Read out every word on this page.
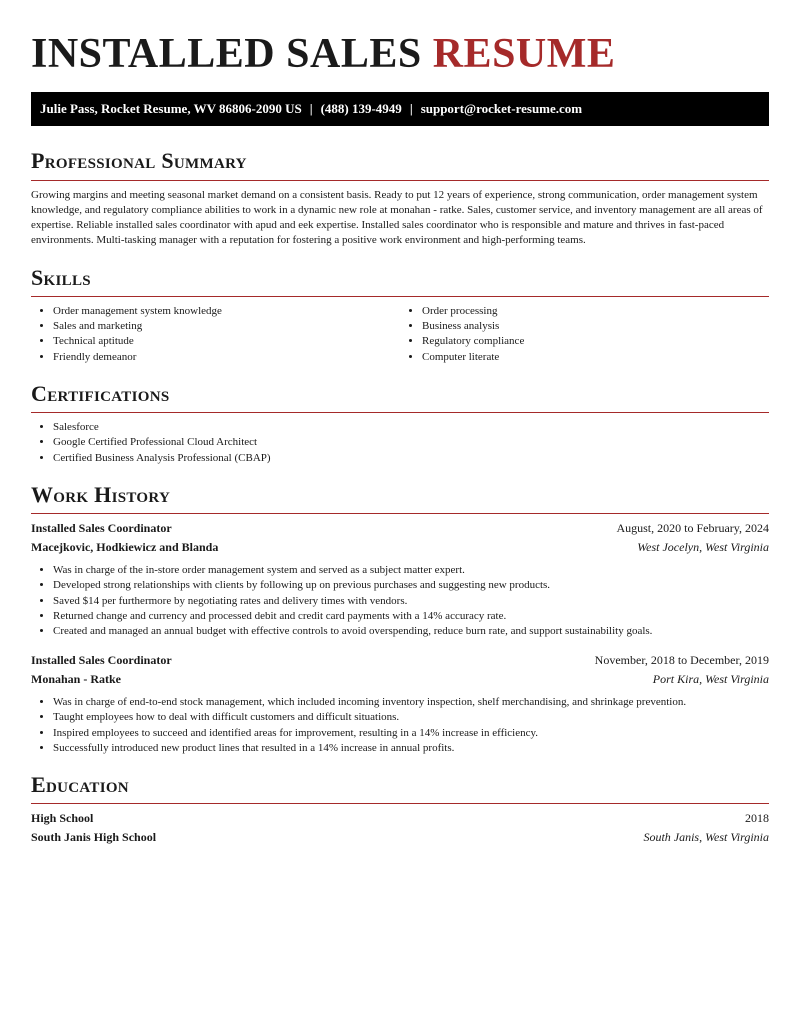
INSTALLED SALES RESUME
Julie Pass, Rocket Resume, WV 86806-2090 US | (488) 139-4949 | support@rocket-resume.com
Professional Summary

Growing margins and meeting seasonal market demand on a consistent basis. Ready to put 12 years of experience, strong communication, order management system knowledge, and regulatory compliance abilities to work in a dynamic new role at monahan - ratke. Sales, customer service, and inventory management are all areas of expertise. Reliable installed sales coordinator with apud and eek expertise. Installed sales coordinator who is responsible and mature and thrives in fast-paced environments. Multi-tasking manager with a reputation for fostering a positive work environment and high-performing teams.

Skills
• Order management system knowledge
• Sales and marketing
• Technical aptitude
• Friendly demeanor
• Order processing
• Business analysis
• Regulatory compliance
• Computer literate
Certifications
• Salesforce
• Google Certified Professional Cloud Architect
• Certified Business Analysis Professional (CBAP)
Work History
Installed Sales Coordinator	August, 2020 to February, 2024
Macejkovic, Hodkiewicz and Blanda	West Jocelyn, West Virginia
• Was in charge of the in-store order management system and served as a subject matter expert.
• Developed strong relationships with clients by following up on previous purchases and suggesting new products.
• Saved $14 per furthermore by negotiating rates and delivery times with vendors.
• Returned change and currency and processed debit and credit card payments with a 14% accuracy rate.
• Created and managed an annual budget with effective controls to avoid overspending, reduce burn rate, and support sustainability goals.
Installed Sales Coordinator	November, 2018 to December, 2019
Monahan - Ratke	Port Kira, West Virginia
• Was in charge of end-to-end stock management, which included incoming inventory inspection, shelf merchandising, and shrinkage prevention.
• Taught employees how to deal with difficult customers and difficult situations.
• Inspired employees to succeed and identified areas for improvement, resulting in a 14% increase in efficiency.
• Successfully introduced new product lines that resulted in a 14% increase in annual profits.
Education
High School	2018
South Janis High School	South Janis, West Virginia
